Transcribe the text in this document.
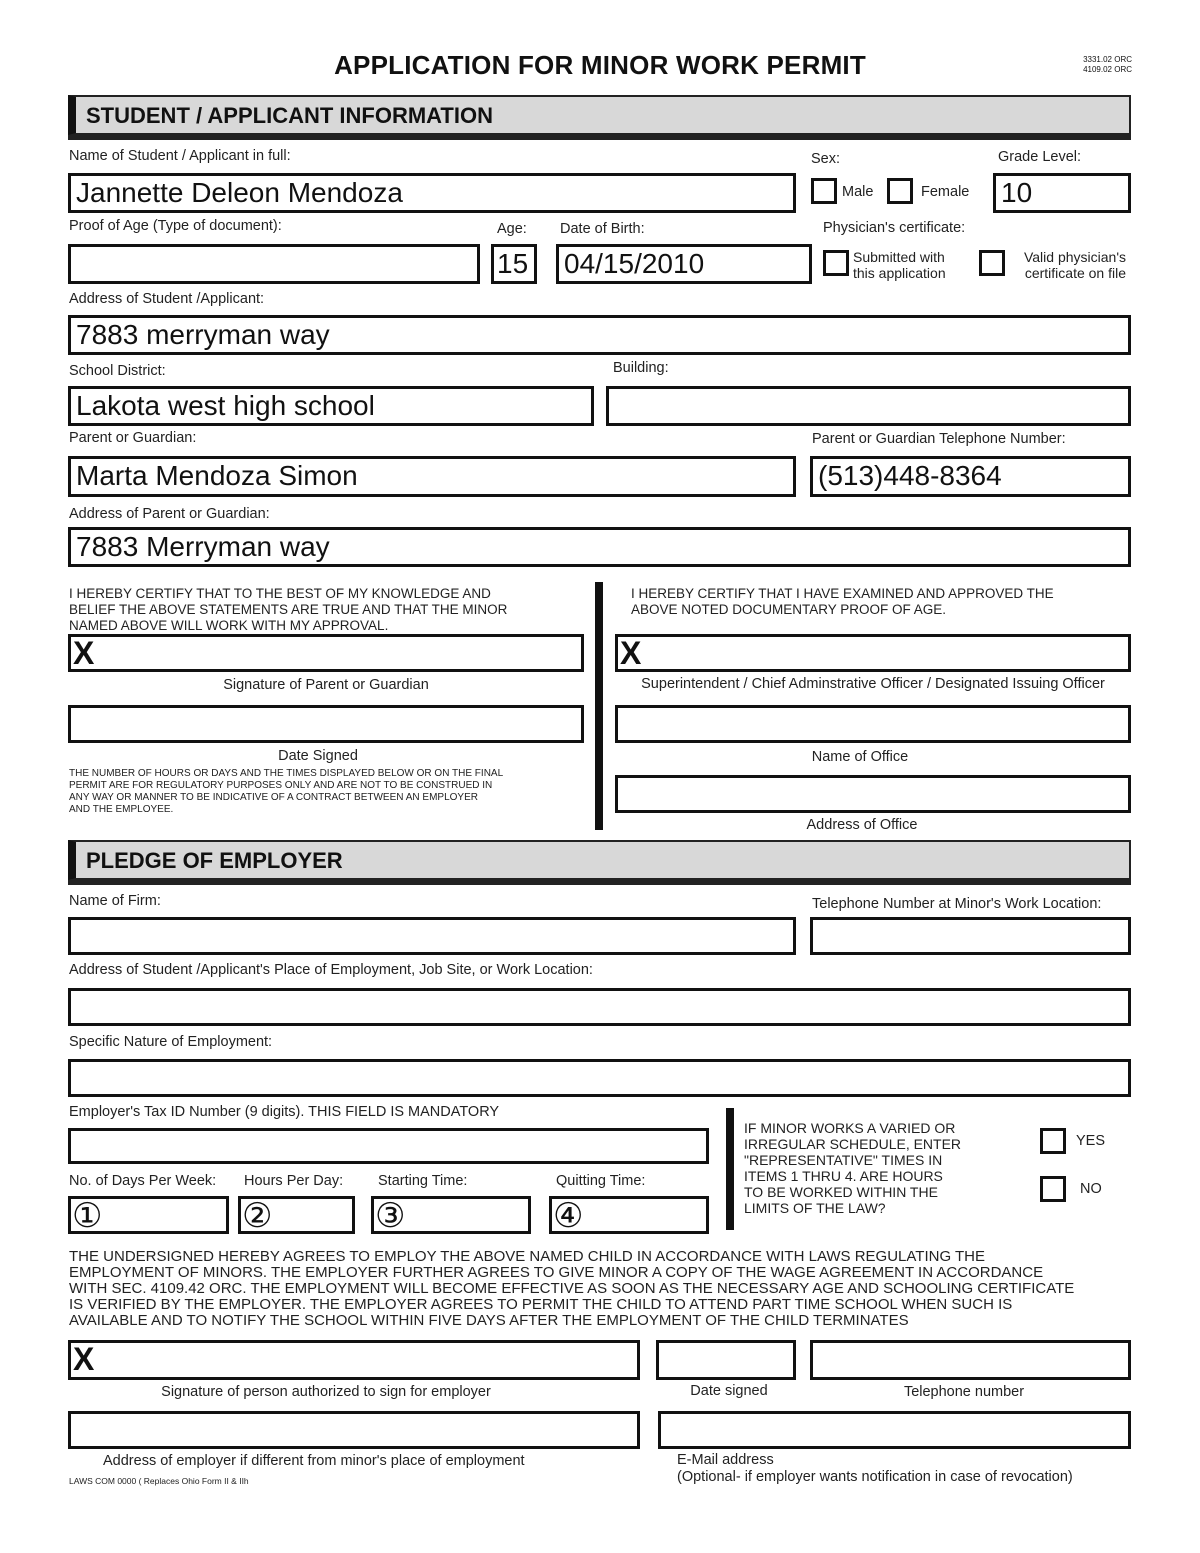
APPLICATION FOR MINOR WORK PERMIT	3331.02 ORC
4109.02 ORC
STUDENT / APPLICANT INFORMATION
Name of Student / Applicant in full:
Jannette Deleon Mendoza
Sex:
Male	Female
Grade Level:
10
Proof of Age (Type of document):	Age:
15
Date of Birth:
04/15/2010
Physician's certificate:
Submitted with
this application
Valid physician's
certificate on file
Address of Student /Applicant:
7883 merryman way
School District:
Lakota west high school
Building:
Parent or Guardian:
Marta Mendoza Simon
Parent or Guardian Telephone Number:
(513)448-8364
Address of Parent or Guardian:
7883 Merryman way
I HEREBY CERTIFY THAT TO THE BEST OF MY KNOWLEDGE AND
BELIEF THE ABOVE STATEMENTS ARE TRUE AND THAT THE MINOR
NAMED ABOVE WILL WORK WITH MY APPROVAL.
X
Signature of Parent or Guardian
Date Signed
THE NUMBER OF HOURS OR DAYS AND THE TIMES DISPLAYED BELOW OR ON THE FINAL
PERMIT ARE FOR REGULATORY PURPOSES ONLY AND ARE NOT TO BE CONSTRUED IN
ANY WAY OR MANNER TO BE INDICATIVE OF A CONTRACT BETWEEN AN EMPLOYER
AND THE EMPLOYEE.
I HEREBY CERTIFY THAT I HAVE EXAMINED AND APPROVED THE
ABOVE NOTED DOCUMENTARY PROOF OF AGE.
X
Superintendent / Chief Adminstrative Officer / Designated Issuing Officer
Name of Office
Address of Office
PLEDGE OF EMPLOYER
Name of Firm:	Telephone Number at Minor's Work Location:
Address of Student /Applicant's Place of Employment, Job Site, or Work Location:
Specific Nature of Employment:
Employer's Tax ID Number (9 digits). THIS FIELD IS MANDATORY
No. of Days Per Week: Hours Per Day: Starting Time:	Quitting Time:
①	②	③	④
IF MINOR WORKS A VARIED OR
IRREGULAR SCHEDULE, ENTER
"REPRESENTATIVE" TIMES IN
ITEMS 1 THRU 4. ARE HOURS
TO BE WORKED WITHIN THE
LIMITS OF THE LAW?
YES
NO
THE UNDERSIGNED HEREBY AGREES TO EMPLOY THE ABOVE NAMED CHILD IN ACCORDANCE WITH LAWS REGULATING THE
EMPLOYMENT OF MINORS. THE EMPLOYER FURTHER AGREES TO GIVE MINOR A COPY OF THE WAGE AGREEMENT IN ACCORDANCE
WITH SEC. 4109.42 ORC. THE EMPLOYMENT WILL BECOME EFFECTIVE AS SOON AS THE NECESSARY AGE AND SCHOOLING CERTIFICATE
IS VERIFIED BY THE EMPLOYER. THE EMPLOYER AGREES TO PERMIT THE CHILD TO ATTEND PART TIME SCHOOL WHEN SUCH IS
AVAILABLE AND TO NOTIFY THE SCHOOL WITHIN FIVE DAYS AFTER THE EMPLOYMENT OF THE CHILD TERMINATES
X
Signature of person authorized to sign for employer	Date signed	Telephone number
Address of employer if different from minor's place of employment	E-Mail address
(Optional- if employer wants notification in case of revocation)
LAWS COM 0000 ( Replaces Ohio Form II & IIh
